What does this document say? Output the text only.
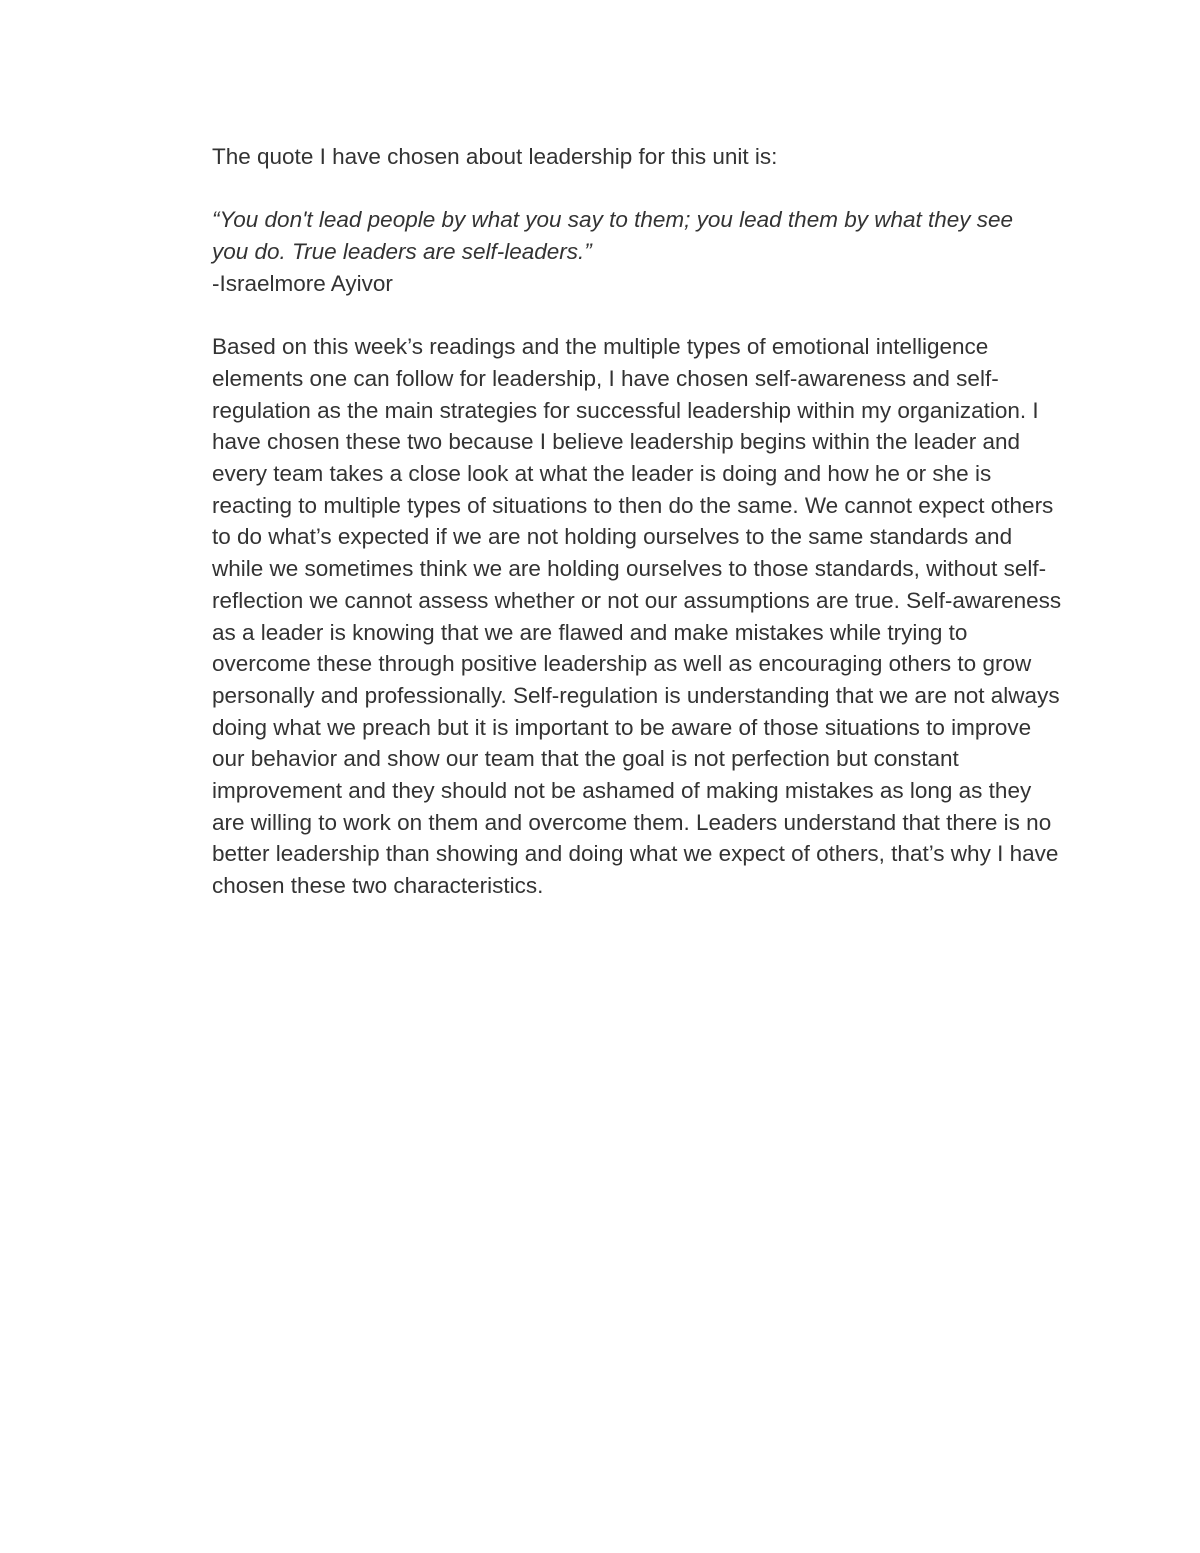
The quote I have chosen about leadership for this unit is:

“You don't lead people by what you say to them; you lead them by what they see you do. True leaders are self-leaders.”

-Israelmore Ayivor

Based on this week’s readings and the multiple types of emotional intelligence elements one can follow for leadership, I have chosen self-awareness and self-regulation as the main strategies for successful leadership within my organization. I have chosen these two because I believe leadership begins within the leader and every team takes a close look at what the leader is doing and how he or she is reacting to multiple types of situations to then do the same. We cannot expect others to do what’s expected if we are not holding ourselves to the same standards and while we sometimes think we are holding ourselves to those standards, without self-reflection we cannot assess whether or not our assumptions are true. Self-awareness as a leader is knowing that we are flawed and make mistakes while trying to overcome these through positive leadership as well as encouraging others to grow personally and professionally. Self-regulation is understanding that we are not always doing what we preach but it is important to be aware of those situations to improve our behavior and show our team that the goal is not perfection but constant improvement and they should not be ashamed of making mistakes as long as they are willing to work on them and overcome them. Leaders understand that there is no better leadership than showing and doing what we expect of others, that’s why I have chosen these two characteristics.
